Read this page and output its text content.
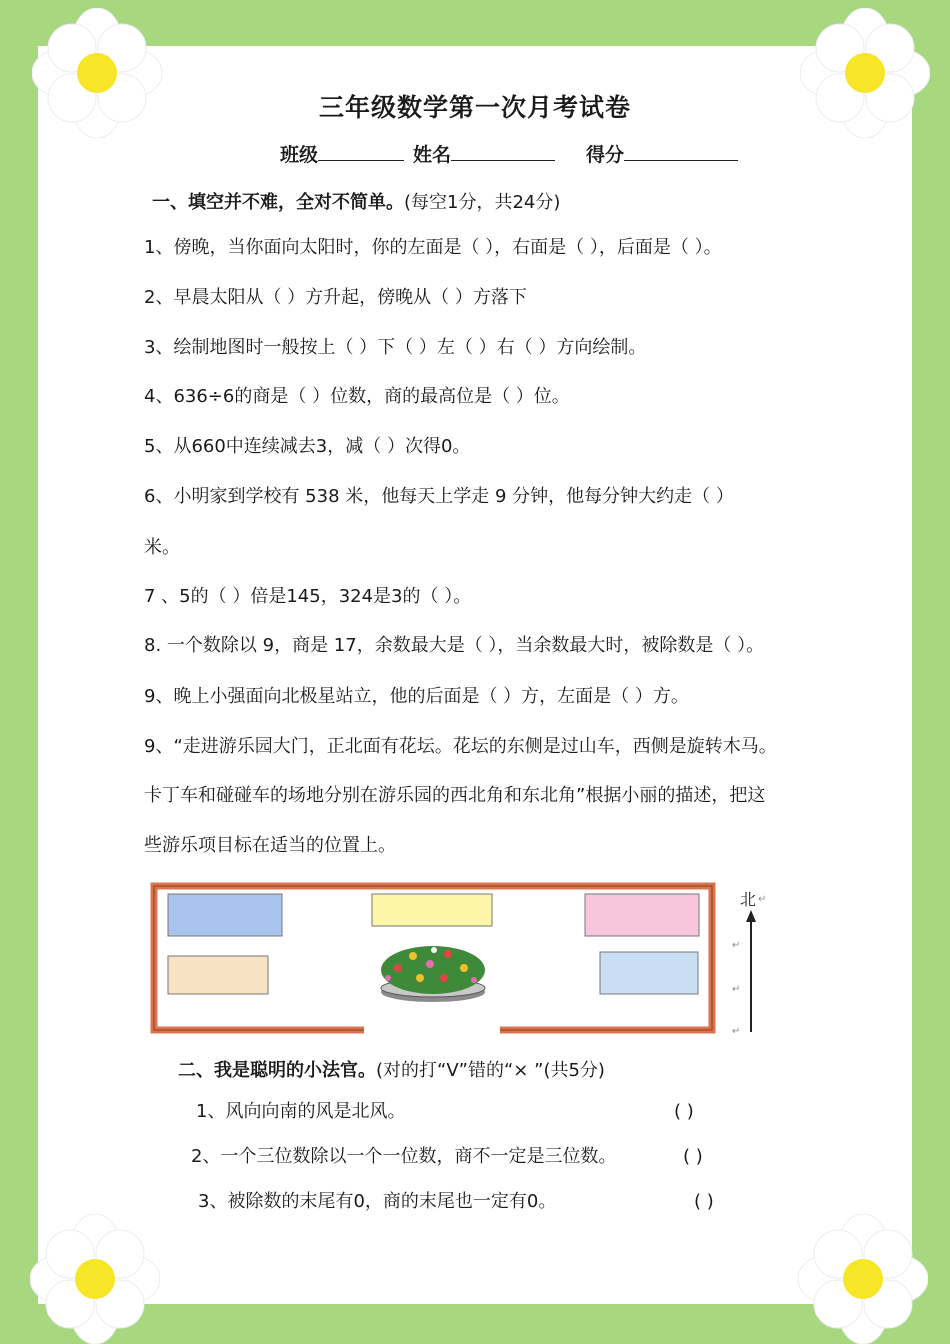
三年级数学第一次月考试卷
班级	姓名	得分
一、填空并不难，全对不简单。(每空1分，共24分)
1、傍晚，当你面向太阳时，你的左面是（ ），右面是（ ），后面是（ ）。
2、早晨太阳从（ ）方升起，傍晚从（ ）方落下
3、绘制地图时一般按上（ ）下（ ）左（ ）右（ ）方向绘制。
4、636÷6的商是（ ）位数，商的最高位是（ ）位。
5、从660中连续减去3，减（ ）次得0。
6、小明家到学校有 538 米，他每天上学走 9 分钟，他每分钟大约走（ ）
米。
7 、5的（ ）倍是145，324是3的（ ）。
8. 一个数除以 9，商是 17，余数最大是（ ），当余数最大时，被除数是（ ）。
9、晚上小强面向北极星站立，他的后面是（ ）方，左面是（ ）方。
9、“走进游乐园大门，正北面有花坛。花坛的东侧是过山车，西侧是旋转木马。
卡丁车和碰碰车的场地分别在游乐园的西北角和东北角”根据小丽的描述，把这
些游乐项目标在适当的位置上。
北 ↵
↵
↵
↵
二、我是聪明的小法官。(对的打“V”错的“× ”(共5分)
1、风向向南的风是北风。	( )
2、一个三位数除以一个一位数，商不一定是三位数。	( )
3、被除数的末尾有0，商的末尾也一定有0。	( )
